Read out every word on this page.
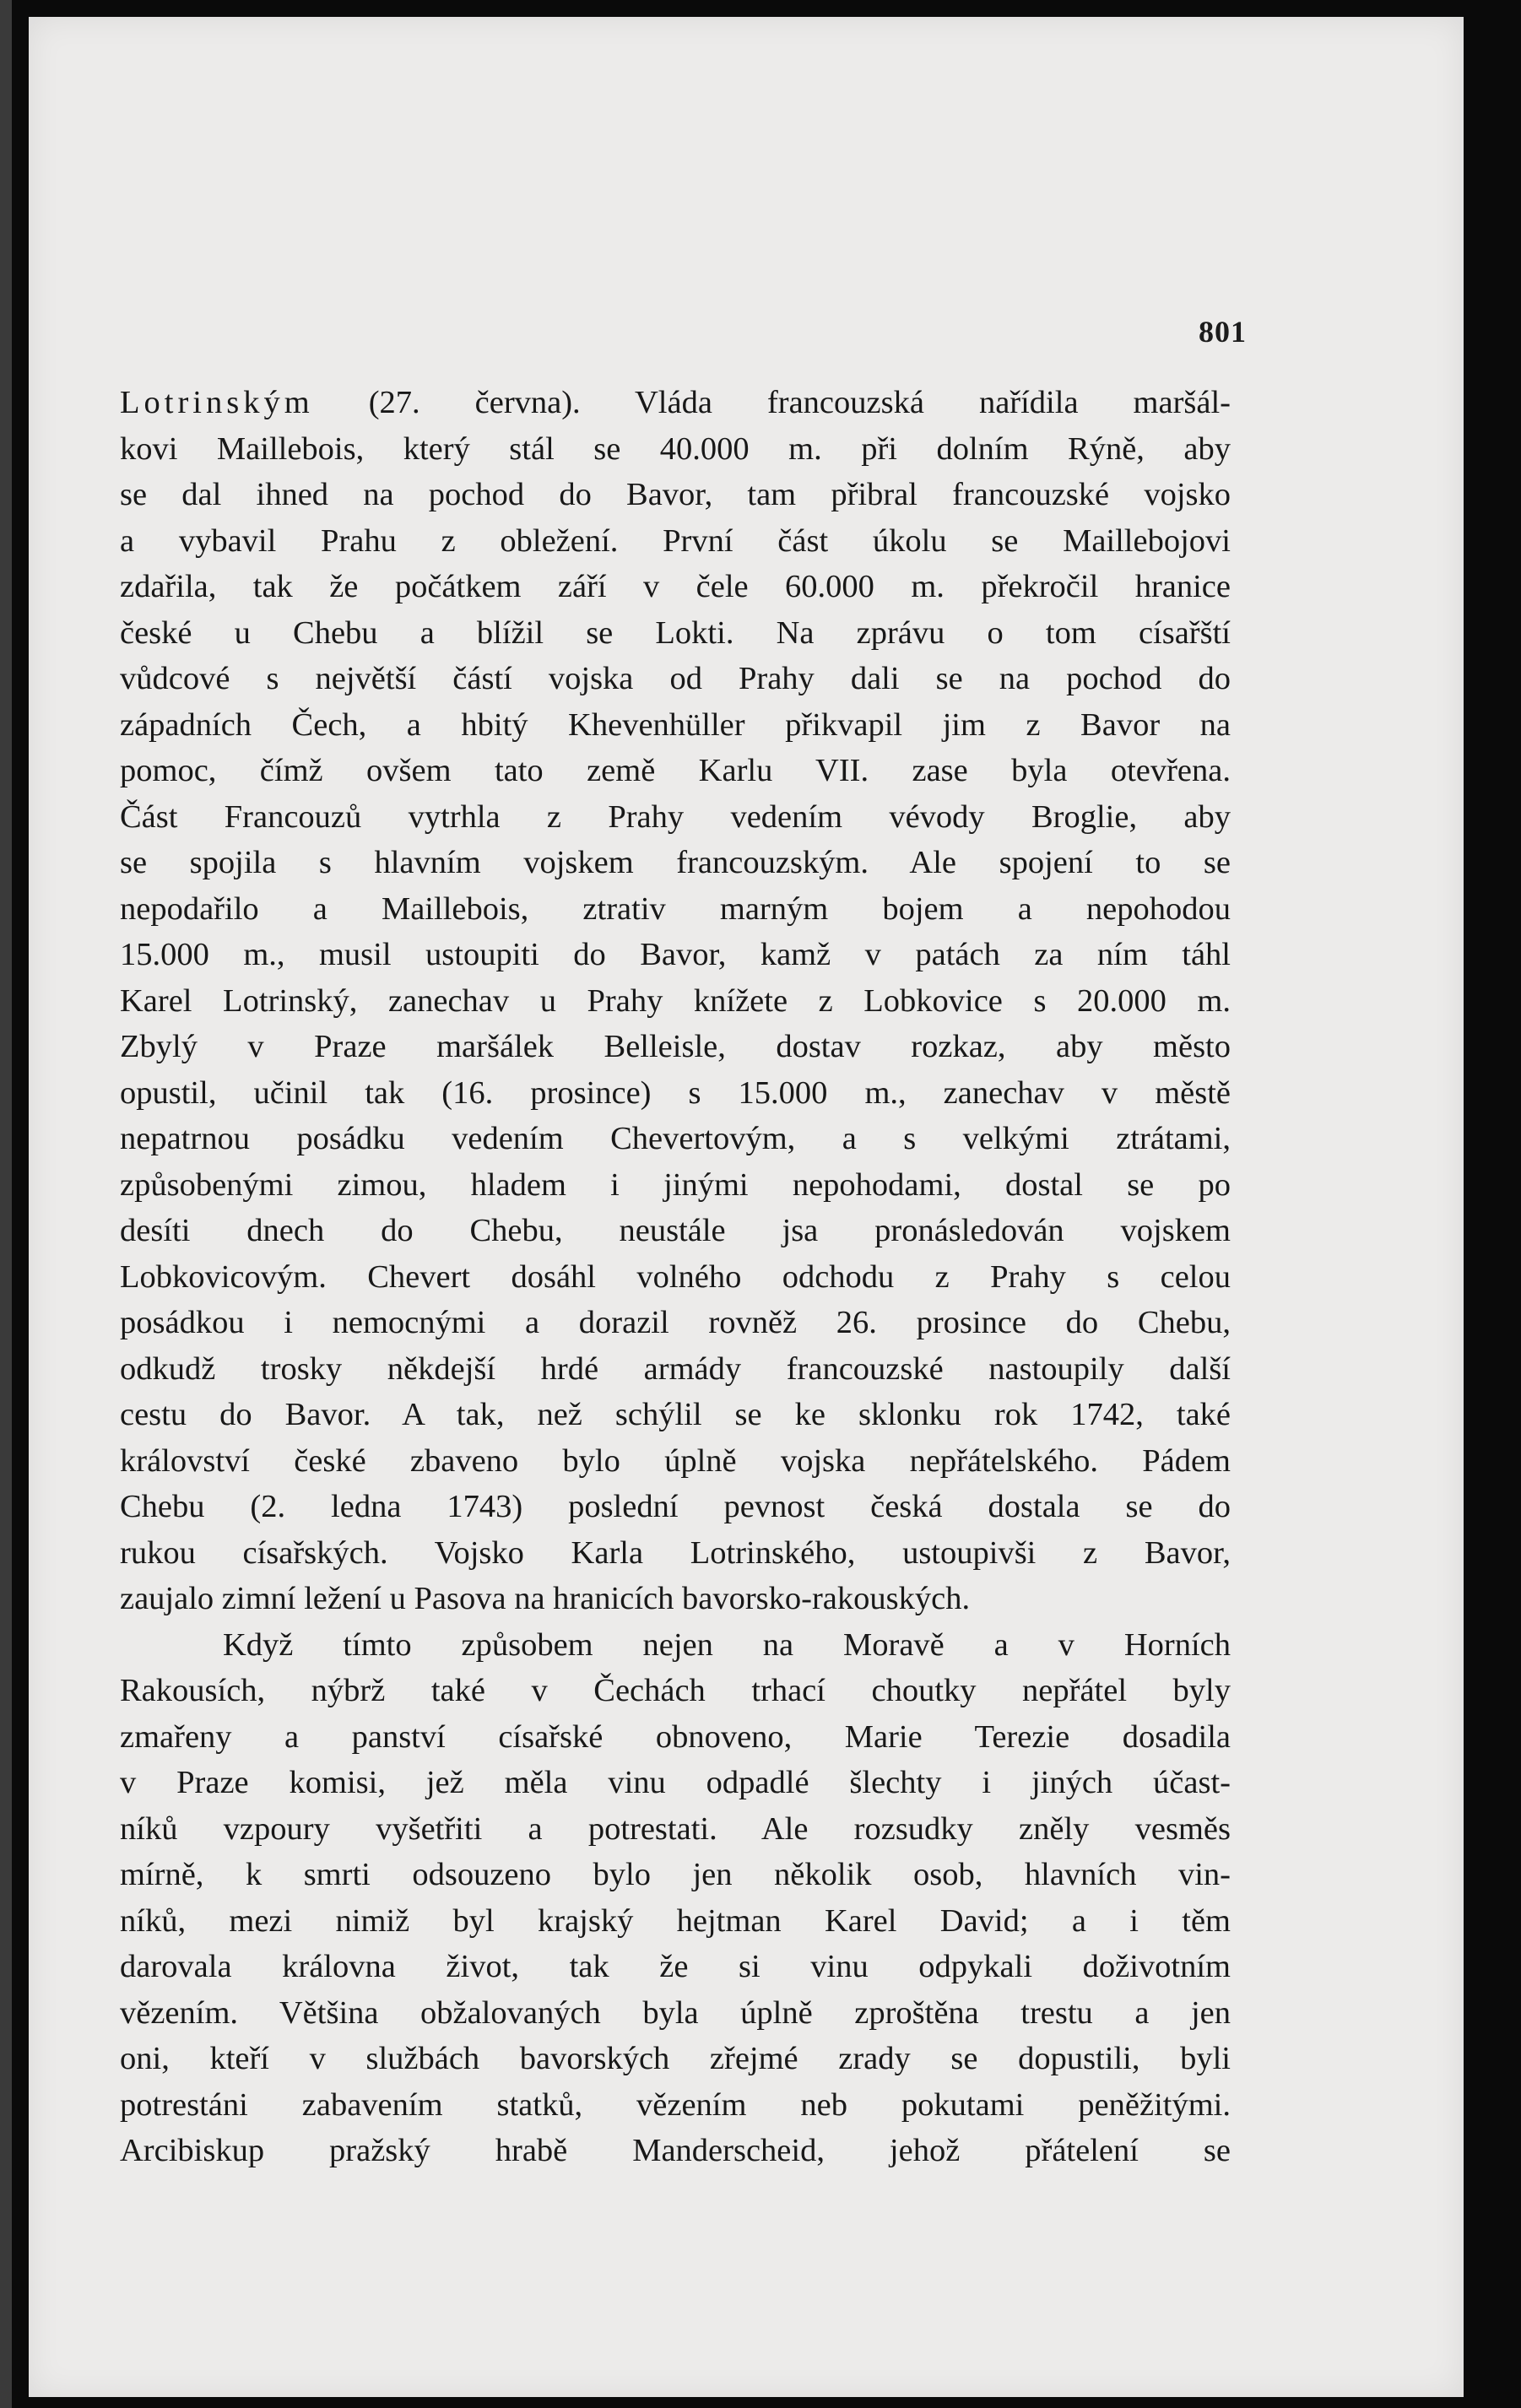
801
Lotrinským (27. června). Vláda francouzská nařídila maršál-
kovi Maillebois, který stál se 40.000 m. při dolním Rýně, aby
se dal ihned na pochod do Bavor, tam přibral francouzské vojsko
a vybavil Prahu z obležení. První část úkolu se Maillebojovi
zdařila, tak že počátkem září v čele 60.000 m. překročil hranice
české u Chebu a blížil se Lokti. Na zprávu o tom císařští
vůdcové s největší částí vojska od Prahy dali se na pochod do
západních Čech, a hbitý Khevenhüller přikvapil jim z Bavor na
pomoc, čímž ovšem tato země Karlu VII. zase byla otevřena.
Část Francouzů vytrhla z Prahy vedením vévody Broglie, aby
se spojila s hlavním vojskem francouzským. Ale spojení to se
nepodařilo a Maillebois, ztrativ marným bojem a nepohodou
15.000 m., musil ustoupiti do Bavor, kamž v patách za ním táhl
Karel Lotrinský, zanechav u Prahy knížete z Lobkovice s 20.000 m.
Zbylý v Praze maršálek Belleisle, dostav rozkaz, aby město
opustil, učinil tak (16. prosince) s 15.000 m., zanechav v městě
nepatrnou posádku vedením Chevertovým, a s velkými ztrátami,
způsobenými zimou, hladem i jinými nepohodami, dostal se po
desíti dnech do Chebu, neustále jsa pronásledován vojskem
Lobkovicovým. Chevert dosáhl volného odchodu z Prahy s celou
posádkou i nemocnými a dorazil rovněž 26. prosince do Chebu,
odkudž trosky někdejší hrdé armády francouzské nastoupily další
cestu do Bavor. A tak, než schýlil se ke sklonku rok 1742, také
království české zbaveno bylo úplně vojska nepřátelského. Pádem
Chebu (2. ledna 1743) poslední pevnost česká dostala se do
rukou císařských. Vojsko Karla Lotrinského, ustoupivši z Bavor,
zaujalo zimní ležení u Pasova na hranicích bavorsko-rakouských.
Když tímto způsobem nejen na Moravě a v Horních
Rakousích, nýbrž také v Čechách trhací choutky nepřátel byly
zmařeny a panství císařské obnoveno, Marie Terezie dosadila
v Praze komisi, jež měla vinu odpadlé šlechty i jiných účast-
níků vzpoury vyšetřiti a potrestati. Ale rozsudky zněly vesměs
mírně, k smrti odsouzeno bylo jen několik osob, hlavních vin-
níků, mezi nimiž byl krajský hejtman Karel David; a i těm
darovala královna život, tak že si vinu odpykali doživotním
vězením. Většina obžalovaných byla úplně zproštěna trestu a jen
oni, kteří v službách bavorských zřejmé zrady se dopustili, byli
potrestáni zabavením statků, vězením neb pokutami peněžitými.
Arcibiskup pražský hrabě Manderscheid, jehož přátelení se
